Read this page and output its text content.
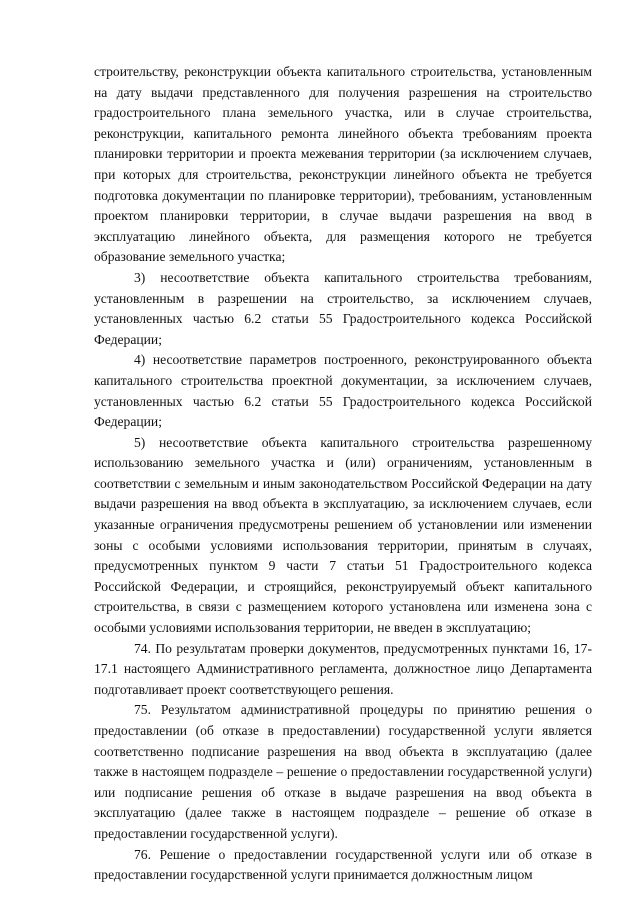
строительству, реконструкции объекта капитального строительства, установленным на дату выдачи представленного для получения разрешения на строительство градостроительного плана земельного участка, или в случае строительства, реконструкции, капитального ремонта линейного объекта требованиям проекта планировки территории и проекта межевания территории (за исключением случаев, при которых для строительства, реконструкции линейного объекта не требуется подготовка документации по планировке территории), требованиям, установленным проектом планировки территории, в случае выдачи разрешения на ввод в эксплуатацию линейного объекта, для размещения которого не требуется образование земельного участка;

3) несоответствие объекта капитального строительства требованиям, установленным в разрешении на строительство, за исключением случаев, установленных частью 6.2 статьи 55 Градостроительного кодекса Российской Федерации;

4) несоответствие параметров построенного, реконструированного объекта капитального строительства проектной документации, за исключением случаев, установленных частью 6.2 статьи 55 Градостроительного кодекса Российской Федерации;

5) несоответствие объекта капитального строительства разрешенному использованию земельного участка и (или) ограничениям, установленным в соответствии с земельным и иным законодательством Российской Федерации на дату выдачи разрешения на ввод объекта в эксплуатацию, за исключением случаев, если указанные ограничения предусмотрены решением об установлении или изменении зоны с особыми условиями использования территории, принятым в случаях, предусмотренных пунктом 9 части 7 статьи 51 Градостроительного кодекса Российской Федерации, и строящийся, реконструируемый объект капитального строительства, в связи с размещением которого установлена или изменена зона с особыми условиями использования территории, не введен в эксплуатацию;

74. По результатам проверки документов, предусмотренных пунктами 16, 17-17.1 настоящего Административного регламента, должностное лицо Департамента подготавливает проект соответствующего решения.

75. Результатом административной процедуры по принятию решения о предоставлении (об отказе в предоставлении) государственной услуги является соответственно подписание разрешения на ввод объекта в эксплуатацию (далее также в настоящем подразделе – решение о предоставлении государственной услуги) или подписание решения об отказе в выдаче разрешения на ввод объекта в эксплуатацию (далее также в настоящем подразделе – решение об отказе в предоставлении государственной услуги).

76. Решение о предоставлении государственной услуги или об отказе в предоставлении государственной услуги принимается должностным лицом
